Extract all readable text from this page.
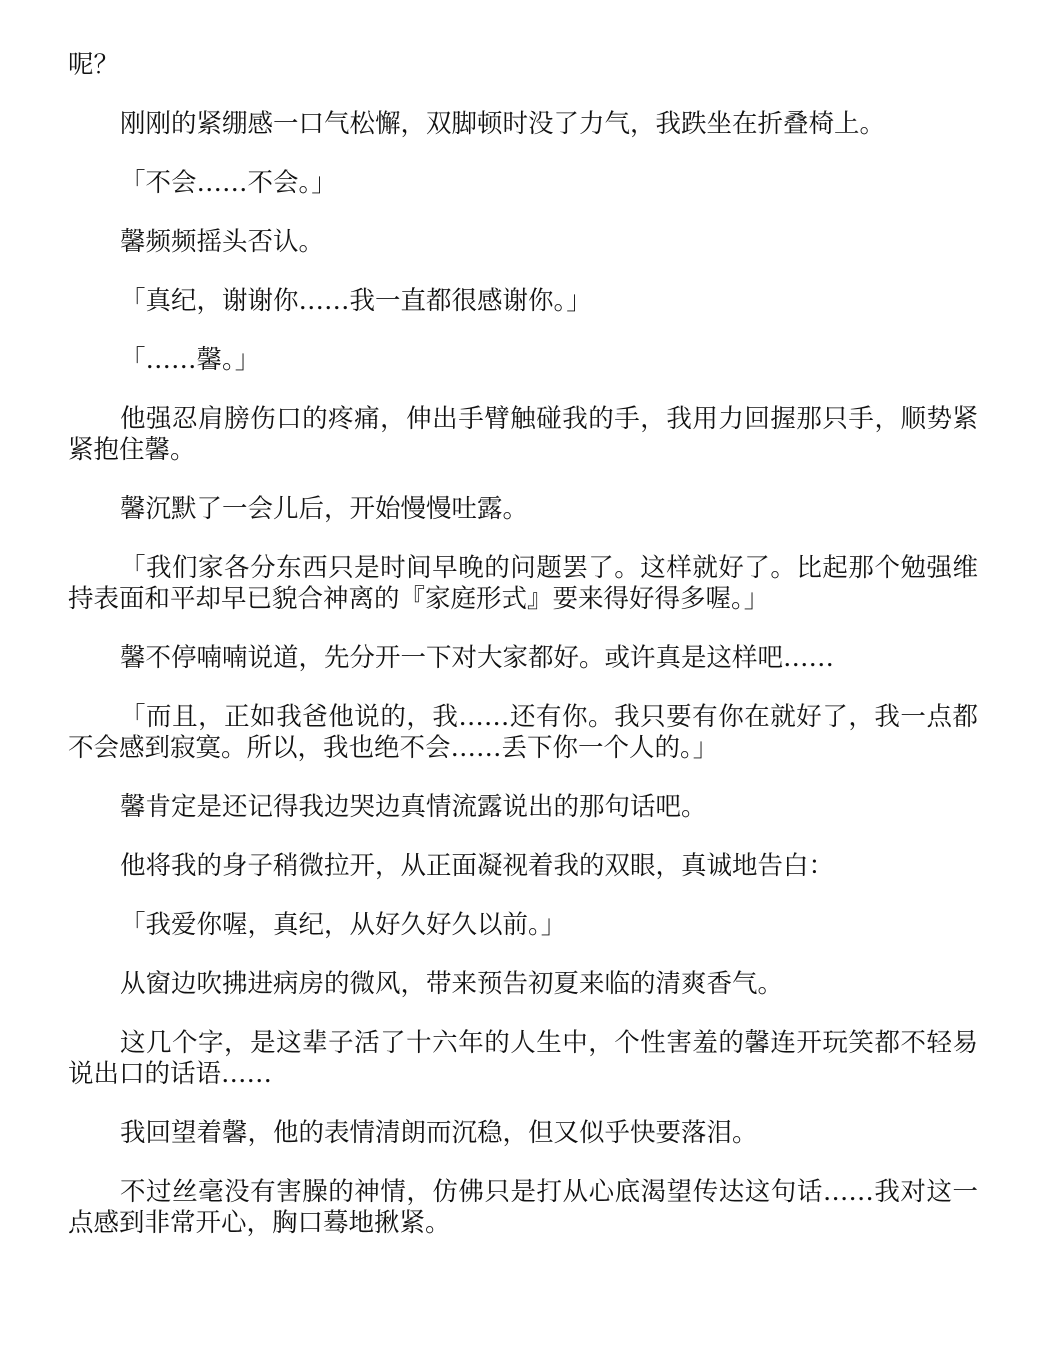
呢？

刚刚的紧绷感一口气松懈，双脚顿时没了力气，我跌坐在折叠椅上。

「不会……不会。」

馨频频摇头否认。

「真纪，谢谢你……我一直都很感谢你。」

「……馨。」

他强忍肩膀伤口的疼痛，伸出手臂触碰我的手，我用力回握那只手，顺势紧紧抱住馨。

馨沉默了一会儿后，开始慢慢吐露。

「我们家各分东西只是时间早晚的问题罢了。这样就好了。比起那个勉强维持表面和平却早已貌合神离的『家庭形式』要来得好得多喔。」

馨不停喃喃说道，先分开一下对大家都好。或许真是这样吧……

「而且，正如我爸他说的，我……还有你。我只要有你在就好了，我一点都不会感到寂寞。所以，我也绝不会……丢下你一个人的。」

馨肯定是还记得我边哭边真情流露说出的那句话吧。

他将我的身子稍微拉开，从正面凝视着我的双眼，真诚地告白：

「我爱你喔，真纪，从好久好久以前。」

从窗边吹拂进病房的微风，带来预告初夏来临的清爽香气。

这几个字，是这辈子活了十六年的人生中，个性害羞的馨连开玩笑都不轻易说出口的话语……

我回望着馨，他的表情清朗而沉稳，但又似乎快要落泪。

不过丝毫没有害臊的神情，仿佛只是打从心底渴望传达这句话……我对这一点感到非常开心，胸口蓦地揪紧。
